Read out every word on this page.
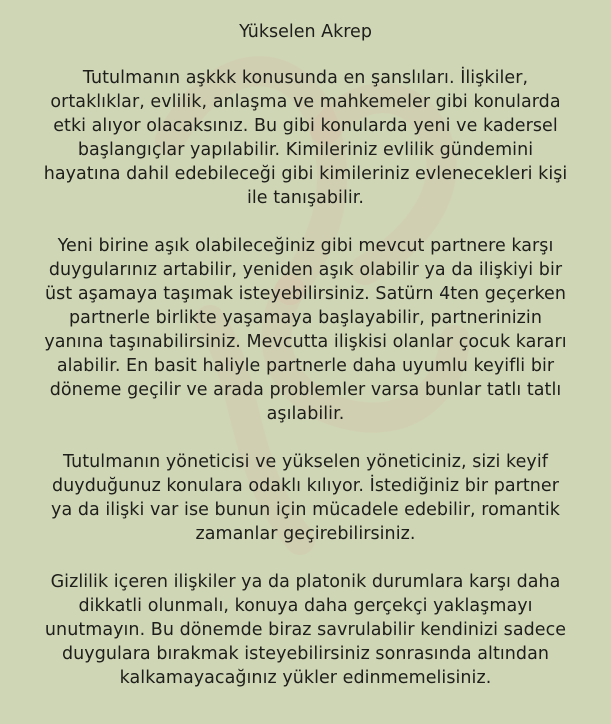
Yükselen Akrep

Tutulmanın aşkkk konusunda en şanslıları. İlişkiler,
ortaklıklar, evlilik, anlaşma ve mahkemeler gibi konularda
etki alıyor olacaksınız. Bu gibi konularda yeni ve kadersel
başlangıçlar yapılabilir. Kimileriniz evlilik gündemini
hayatına dahil edebileceği gibi kimileriniz evlenecekleri kişi
ile tanışabilir.

Yeni birine aşık olabileceğiniz gibi mevcut partnere karşı
duygularınız artabilir, yeniden aşık olabilir ya da ilişkiyi bir
üst aşamaya taşımak isteyebilirsiniz. Satürn 4ten geçerken
partnerle birlikte yaşamaya başlayabilir, partnerinizin
yanına taşınabilirsiniz. Mevcutta ilişkisi olanlar çocuk kararı
alabilir. En basit haliyle partnerle daha uyumlu keyifli bir
döneme geçilir ve arada problemler varsa bunlar tatlı tatlı
aşılabilir.

Tutulmanın yöneticisi ve yükselen yöneticiniz, sizi keyif
duyduğunuz konulara odaklı kılıyor. İstediğiniz bir partner
ya da ilişki var ise bunun için mücadele edebilir, romantik
zamanlar geçirebilirsiniz.

Gizlilik içeren ilişkiler ya da platonik durumlara karşı daha
dikkatli olunmalı, konuya daha gerçekçi yaklaşmayı
unutmayın. Bu dönemde biraz savrulabilir kendinizi sadece
duygulara bırakmak isteyebilirsiniz sonrasında altından
kalkamayacağınız yükler edinmemelisiniz.
